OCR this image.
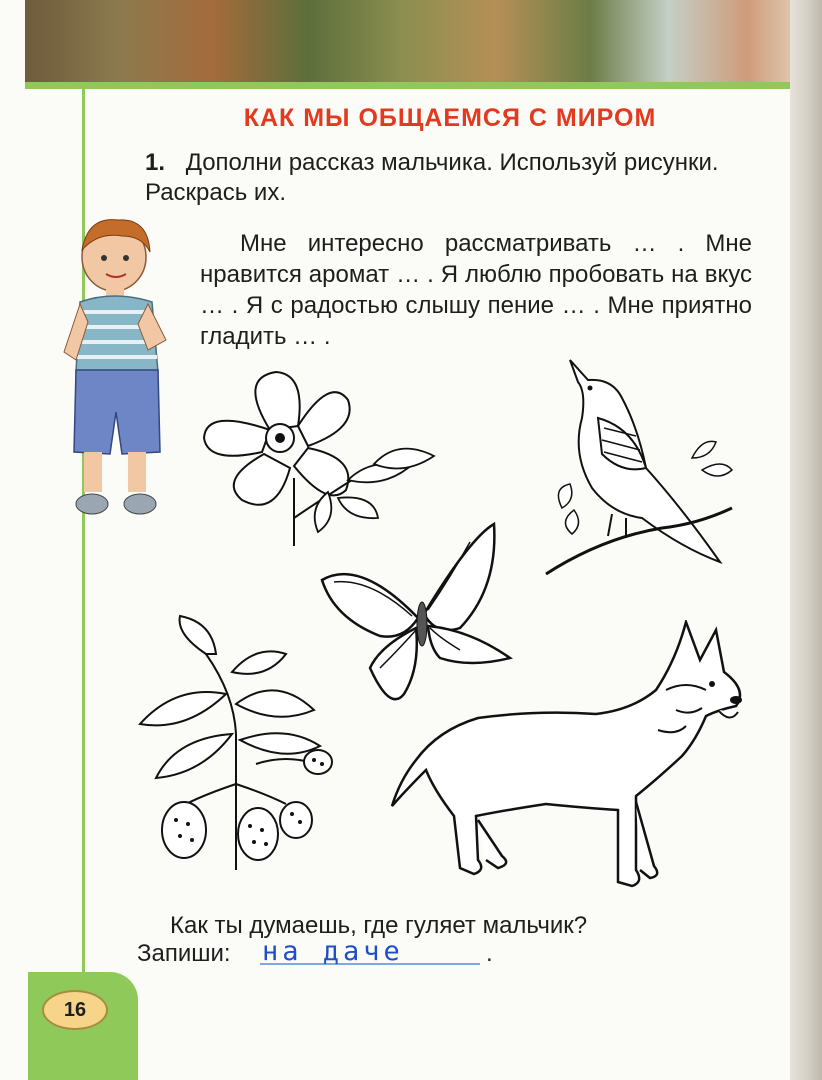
16
КАК МЫ ОБЩАЕМСЯ С МИРОМ
1. Дополни рассказ мальчика. Используй рисунки. Раскрась их.
Мне интересно рассматривать … . Мне нравится аромат … . Я люблю пробовать на вкус … . Я с радостью слышу пение … . Мне приятно гладить … .
Как ты думаешь, где гуляет мальчик?
Запиши:	на даче	.
